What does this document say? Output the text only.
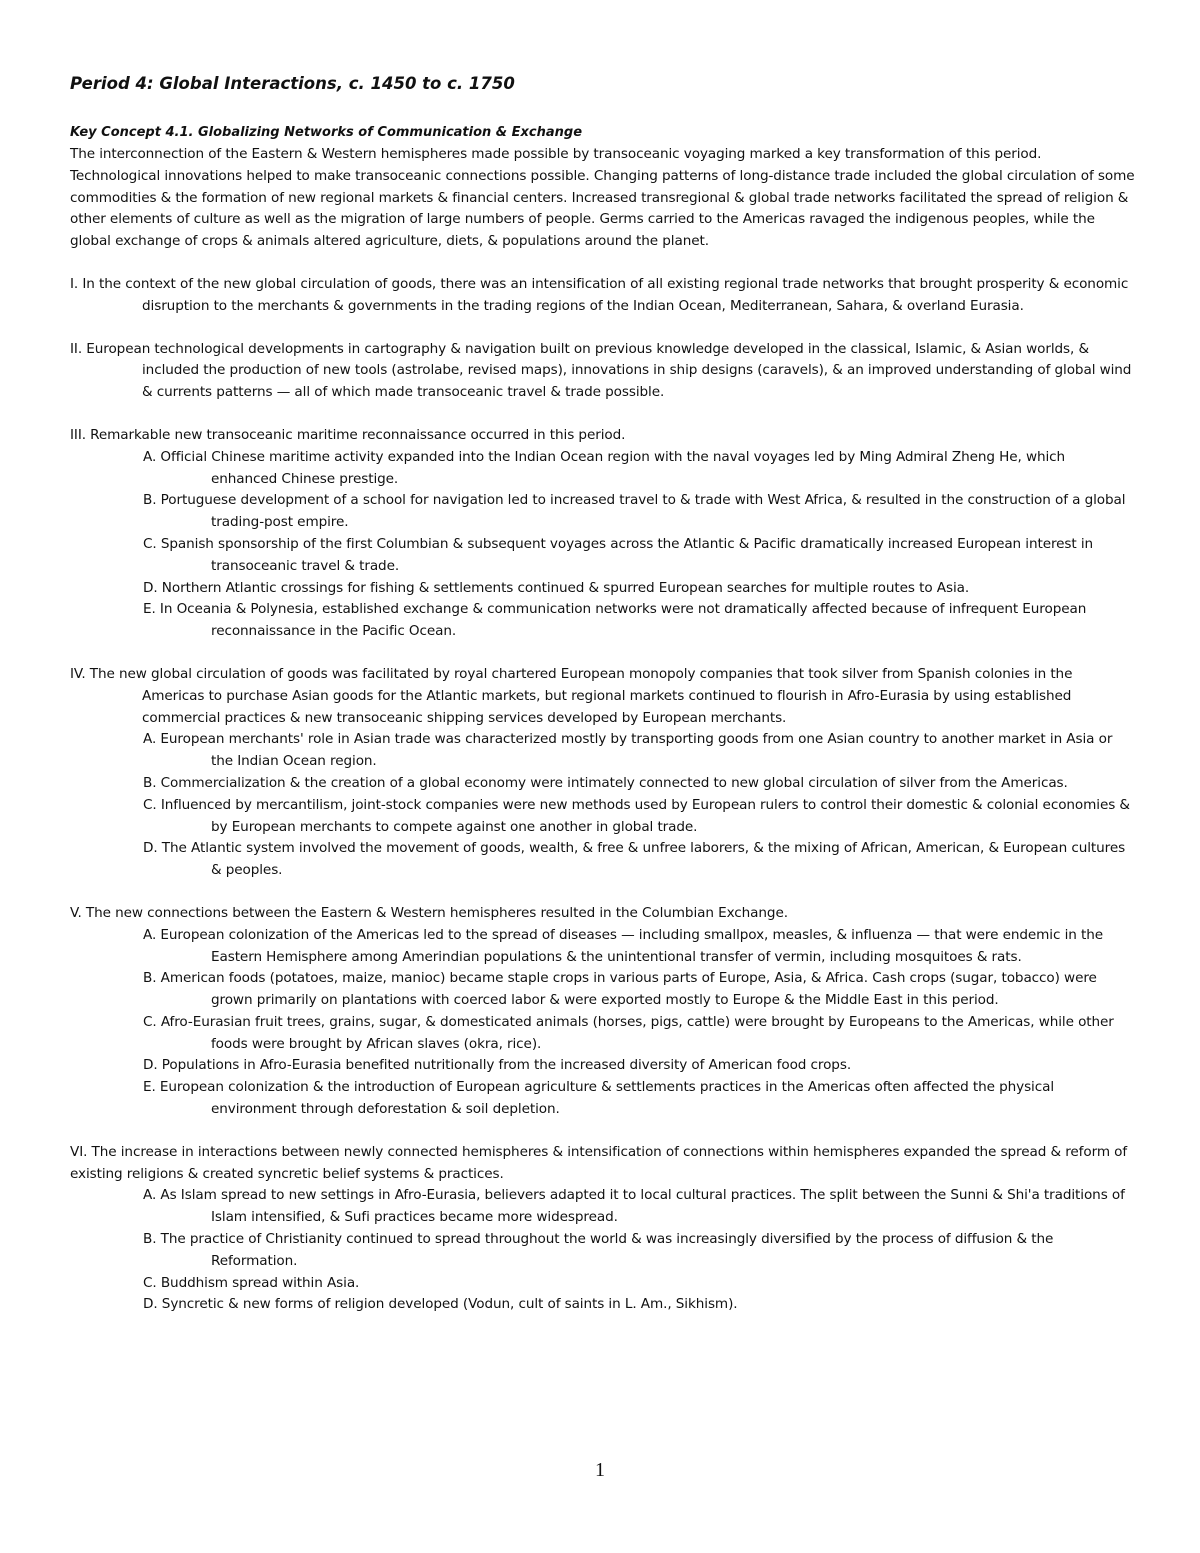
Period 4: Global Interactions, c. 1450 to c. 1750
Key Concept 4.1. Globalizing Networks of Communication & Exchange

The interconnection of the Eastern & Western hemispheres made possible by transoceanic voyaging marked a key transformation of this period. Technological innovations helped to make transoceanic connections possible. Changing patterns of long-distance trade included the global circulation of some commodities & the formation of new regional markets & financial centers. Increased transregional & global trade networks facilitated the spread of religion & other elements of culture as well as the migration of large numbers of people. Germs carried to the Americas ravaged the indigenous peoples, while the global exchange of crops & animals altered agriculture, diets, & populations around the planet.

I. In the context of the new global circulation of goods, there was an intensification of all existing regional trade networks that brought prosperity & economic disruption to the merchants & governments in the trading regions of the Indian Ocean, Mediterranean, Sahara, & overland Eurasia.

II. European technological developments in cartography & navigation built on previous knowledge developed in the classical, Islamic, & Asian worlds, & included the production of new tools (astrolabe, revised maps), innovations in ship designs (caravels), & an improved understanding of global wind & currents patterns — all of which made transoceanic travel & trade possible.

III. Remarkable new transoceanic maritime reconnaissance occurred in this period.

A. Official Chinese maritime activity expanded into the Indian Ocean region with the naval voyages led by Ming Admiral Zheng He, which enhanced Chinese prestige.

B. Portuguese development of a school for navigation led to increased travel to & trade with West Africa, & resulted in the construction of a global trading-post empire.

C. Spanish sponsorship of the first Columbian & subsequent voyages across the Atlantic & Pacific dramatically increased European interest in transoceanic travel & trade.

D. Northern Atlantic crossings for fishing & settlements continued & spurred European searches for multiple routes to Asia.

E. In Oceania & Polynesia, established exchange & communication networks were not dramatically affected because of infrequent European reconnaissance in the Pacific Ocean.

IV. The new global circulation of goods was facilitated by royal chartered European monopoly companies that took silver from Spanish colonies in the Americas to purchase Asian goods for the Atlantic markets, but regional markets continued to flourish in Afro-Eurasia by using established commercial practices & new transoceanic shipping services developed by European merchants.

A. European merchants' role in Asian trade was characterized mostly by transporting goods from one Asian country to another market in Asia or the Indian Ocean region.

B. Commercialization & the creation of a global economy were intimately connected to new global circulation of silver from the Americas.

C. Influenced by mercantilism, joint-stock companies were new methods used by European rulers to control their domestic & colonial economies & by European merchants to compete against one another in global trade.

D. The Atlantic system involved the movement of goods, wealth, & free & unfree laborers, & the mixing of African, American, & European cultures & peoples.

V. The new connections between the Eastern & Western hemispheres resulted in the Columbian Exchange.

A. European colonization of the Americas led to the spread of diseases — including smallpox, measles, & influenza — that were endemic in the Eastern Hemisphere among Amerindian populations & the unintentional transfer of vermin, including mosquitoes & rats.

B. American foods (potatoes, maize, manioc) became staple crops in various parts of Europe, Asia, & Africa. Cash crops (sugar, tobacco) were grown primarily on plantations with coerced labor & were exported mostly to Europe & the Middle East in this period.

C. Afro-Eurasian fruit trees, grains, sugar, & domesticated animals (horses, pigs, cattle) were brought by Europeans to the Americas, while other foods were brought by African slaves (okra, rice).

D. Populations in Afro-Eurasia benefited nutritionally from the increased diversity of American food crops.

E. European colonization & the introduction of European agriculture & settlements practices in the Americas often affected the physical environment through deforestation & soil depletion.

VI. The increase in interactions between newly connected hemispheres & intensification of connections within hemispheres expanded the spread & reform of existing religions & created syncretic belief systems & practices.

A. As Islam spread to new settings in Afro-Eurasia, believers adapted it to local cultural practices. The split between the Sunni & Shi'a traditions of Islam intensified, & Sufi practices became more widespread.

B. The practice of Christianity continued to spread throughout the world & was increasingly diversified by the process of diffusion & the Reformation.

C. Buddhism spread within Asia.

D. Syncretic & new forms of religion developed (Vodun, cult of saints in L. Am., Sikhism).

1
